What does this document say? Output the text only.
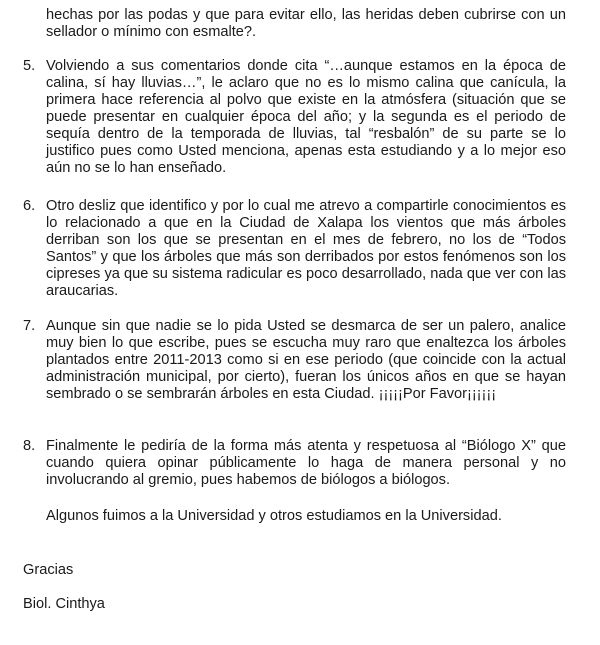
hechas por las podas y que para evitar ello, las heridas deben cubrirse con un sellador o mínimo con esmalte?.

5. Volviendo a sus comentarios donde cita “…aunque estamos en la época de calina, sí hay lluvias…”, le aclaro que no es lo mismo calina que canícula, la primera hace referencia al polvo que existe en la atmósfera (situación que se puede presentar en cualquier época del año; y la segunda es el periodo de sequía dentro de la temporada de lluvias, tal “resbalón” de su parte se lo justifico pues como Usted menciona, apenas esta estudiando y a lo mejor eso aún no se lo han enseñado.
6. Otro desliz que identifico y por lo cual me atrevo a compartirle conocimientos es lo relacionado a que en la Ciudad de Xalapa los vientos que más árboles derriban son los que se presentan en el mes de febrero, no los de “Todos Santos” y que los árboles que más son derribados por estos fenómenos son los cipreses ya que su sistema radicular es poco desarrollado, nada que ver con las araucarias.
7. Aunque sin que nadie se lo pida Usted se desmarca de ser un palero, analice muy bien lo que escribe, pues se escucha muy raro que enaltezca los árboles plantados entre 2011-2013 como si en ese periodo (que coincide con la actual administración municipal, por cierto), fueran los únicos años en que se hayan sembrado o se sembrarán árboles en esta Ciudad. ¡¡¡¡¡Por Favor¡¡¡¡¡¡
8. Finalmente le pediría de la forma más atenta y respetuosa al “Biólogo X” que cuando quiera opinar públicamente lo haga de manera personal y no involucrando al gremio, pues habemos de biólogos a biólogos.
Algunos fuimos a la Universidad y otros estudiamos en la Universidad.
Gracias
Biol. Cinthya
